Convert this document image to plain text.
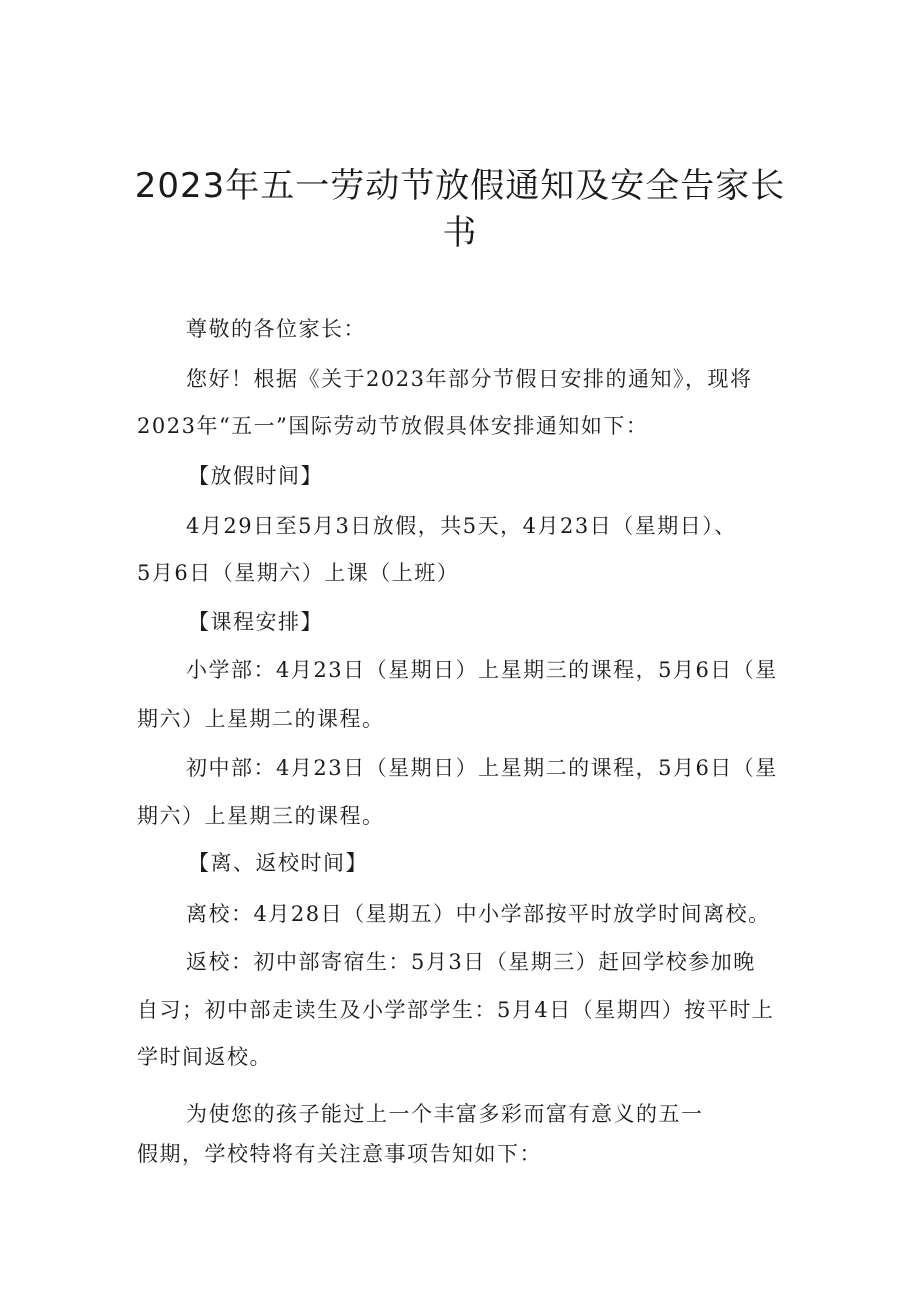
2023年五一劳动节放假通知及安全告家长
书
尊敬的各位家长：
您好！根据《关于2023年部分节假日安排的通知》，现将
2023年“五一”国际劳动节放假具体安排通知如下：
【放假时间】
4月29日至5月3日放假，共5天，4月23日（星期日）、
5月6日（星期六）上课（上班）
【课程安排】
小学部：4月23日（星期日）上星期三的课程，5月6日（星
期六）上星期二的课程。
初中部：4月23日（星期日）上星期二的课程，5月6日（星
期六）上星期三的课程。
【离、返校时间】
离校：4月28日（星期五）中小学部按平时放学时间离校。
返校：初中部寄宿生：5月3日（星期三）赶回学校参加晚
自习；初中部走读生及小学部学生：5月4日（星期四）按平时上
学时间返校。
为使您的孩子能过上一个丰富多彩而富有意义的五一
假期，学校特将有关注意事项告知如下：
